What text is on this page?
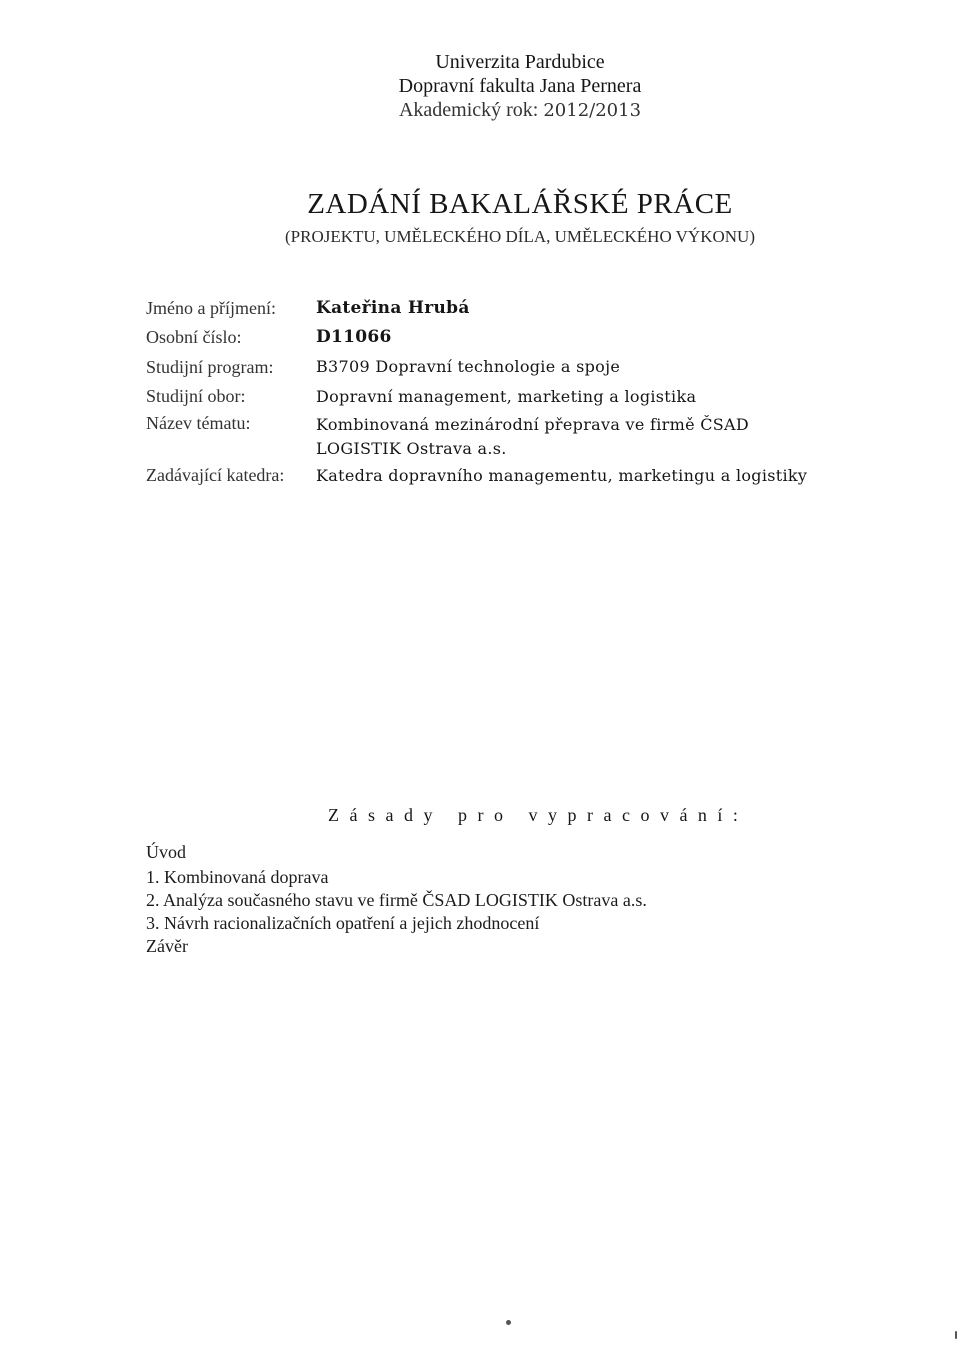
Univerzita Pardubice
Dopravní fakulta Jana Pernera
Akademický rok: 2012/2013
ZADÁNÍ BAKALÁŘSKÉ PRÁCE
(PROJEKTU, UMĚLECKÉHO DÍLA, UMĚLECKÉHO VÝKONU)
Jméno a příjmení: Kateřina Hrubá
Osobní číslo:	D11066
Studijní program:	B3709 Dopravní technologie a spoje
Studijní obor:	Dopravní management, marketing a logistika
Název tématu:	Kombinovaná mezinárodní přeprava ve firmě ČSAD
LOGISTIK Ostrava a.s.
Zadávající katedra: Katedra dopravního managementu, marketingu a logistiky
Zásady pro vypracování:
Úvod
1. Kombinovaná doprava
2. Analýza současného stavu ve firmě ČSAD LOGISTIK Ostrava a.s.
3. Návrh racionalizačních opatření a jejich zhodnocení
Závěr
